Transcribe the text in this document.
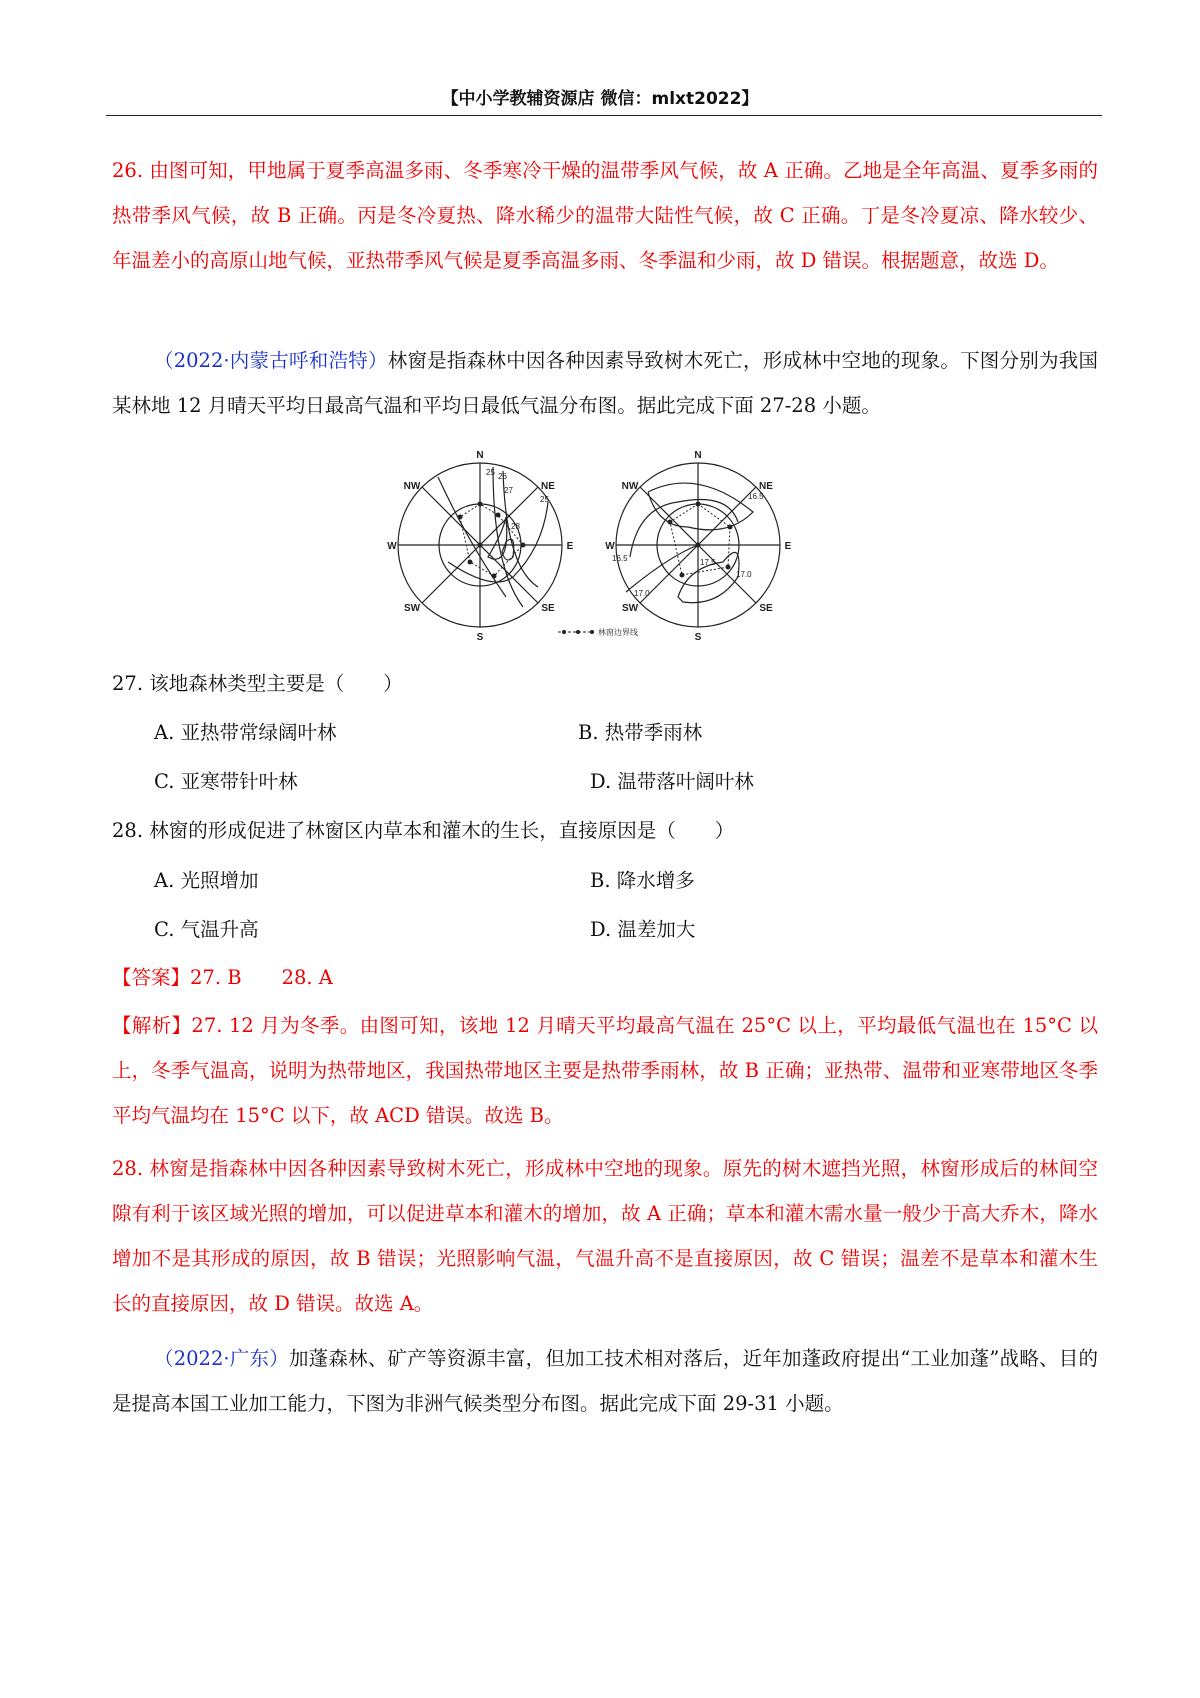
【中小学教辅资源店 微信：mlxt2022】
26. 由图可知，甲地属于夏季高温多雨、冬季寒冷干燥的温带季风气候，故 A 正确。乙地是全年高温、夏季多雨的热带季风气候，故 B 正确。丙是冬冷夏热、降水稀少的温带大陆性气候，故 C 正确。丁是冬冷夏凉、降水较少、年温差小的高原山地气候，亚热带季风气候是夏季高温多雨、冬季温和少雨，故 D 错误。根据题意，故选 D。
（2022·内蒙古呼和浩特）林窗是指森林中因各种因素导致树木死亡，形成林中空地的现象。下图分别为我国某林地 12 月晴天平均日最高气温和平均日最低气温分布图。据此完成下面 27-28 小题。
N
NE
E
SE
S
SW
W
NW
N
NE
E
SE
S
SW
W
NW
25 26
27
28
25	16.5
16.5	17.5
17.0
17.0
林窗边界线
27. 该地森林类型主要是（　　）
A. 亚热带常绿阔叶林	B. 热带季雨林
C. 亚寒带针叶林	D. 温带落叶阔叶林
28. 林窗的形成促进了林窗区内草本和灌木的生长，直接原因是（　　）
A. 光照增加	B. 降水增多
C. 气温升高	D. 温差加大
【答案】27. B 28. A
【解析】27. 12 月为冬季。由图可知，该地 12 月晴天平均最高气温在 25°C 以上，平均最低气温也在 15°C 以上，冬季气温高，说明为热带地区，我国热带地区主要是热带季雨林，故 B 正确；亚热带、温带和亚寒带地区冬季平均气温均在 15°C 以下，故 ACD 错误。故选 B。
28. 林窗是指森林中因各种因素导致树木死亡，形成林中空地的现象。原先的树木遮挡光照，林窗形成后的林间空隙有利于该区域光照的增加，可以促进草本和灌木的增加，故 A 正确；草本和灌木需水量一般少于高大乔木，降水增加不是其形成的原因，故 B 错误；光照影响气温，气温升高不是直接原因，故 C 错误；温差不是草本和灌木生长的直接原因，故 D 错误。故选 A。
（2022·广东）加蓬森林、矿产等资源丰富，但加工技术相对落后，近年加蓬政府提出“工业加蓬”战略、目的是提高本国工业加工能力，下图为非洲气候类型分布图。据此完成下面 29-31 小题。
